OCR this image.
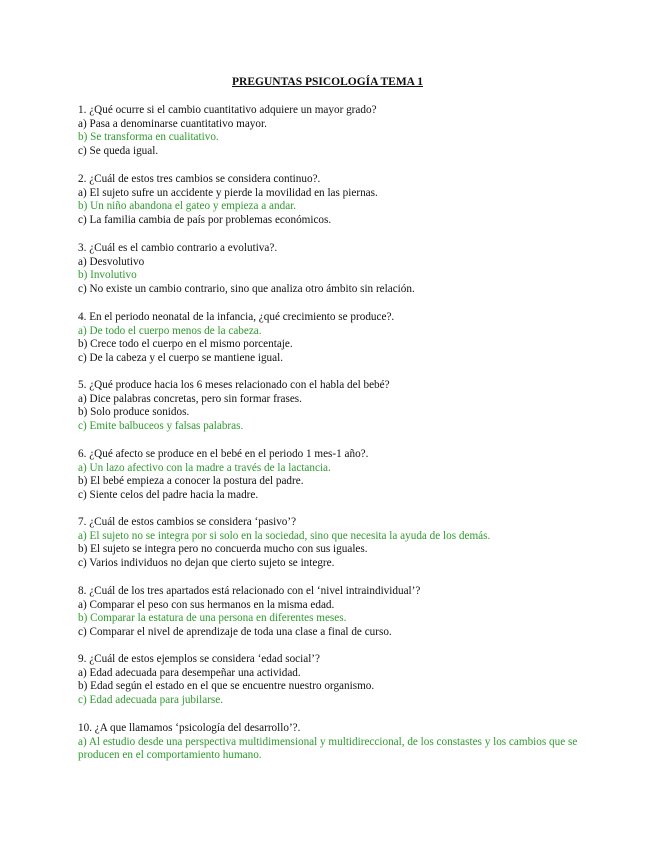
PREGUNTAS PSICOLOGÍA TEMA 1
1. ¿Qué ocurre si el cambio cuantitativo adquiere un mayor grado?
a) Pasa a denominarse cuantitativo mayor.
b) Se transforma en cualitativo.
c) Se queda igual.
2. ¿Cuál de estos tres cambios se considera continuo?.
a) El sujeto sufre un accidente y pierde la movilidad en las piernas.
b) Un niño abandona el gateo y empieza a andar.
c) La familia cambia de país por problemas económicos.
3. ¿Cuál es el cambio contrario a evolutiva?.
a) Desvolutivo
b) Involutivo
c) No existe un cambio contrario, sino que analiza otro ámbito sin relación.
4. En el periodo neonatal de la infancia, ¿qué crecimiento se produce?.
a) De todo el cuerpo menos de la cabeza.
b) Crece todo el cuerpo en el mismo porcentaje.
c) De la cabeza y el cuerpo se mantiene igual.
5. ¿Qué produce hacia los 6 meses relacionado con el habla del bebé?
a) Dice palabras concretas, pero sin formar frases.
b) Solo produce sonidos.
c) Emite balbuceos y falsas palabras.
6. ¿Qué afecto se produce en el bebé en el periodo 1 mes-1 año?.
a) Un lazo afectivo con la madre a través de la lactancia.
b) El bebé empieza a conocer la postura del padre.
c) Siente celos del padre hacia la madre.
7. ¿Cuál de estos cambios se considera ‘pasivo’?
a) El sujeto no se integra por si solo en la sociedad, sino que necesita la ayuda de los demás.
b) El sujeto se integra pero no concuerda mucho con sus iguales.
c) Varios individuos no dejan que cierto sujeto se integre.
8. ¿Cuál de los tres apartados está relacionado con el ‘nivel intraindividual’?
a) Comparar el peso con sus hermanos en la misma edad.
b) Comparar la estatura de una persona en diferentes meses.
c) Comparar el nivel de aprendizaje de toda una clase a final de curso.
9. ¿Cuál de estos ejemplos se considera ‘edad social’?
a) Edad adecuada para desempeñar una actividad.
b) Edad según el estado en el que se encuentre nuestro organismo.
c) Edad adecuada para jubilarse.
10. ¿A que llamamos ‘psicología del desarrollo’?.
a) Al estudio desde una perspectiva multidimensional y multidireccional, de los constastes y los cambios que se producen en el comportamiento humano.
